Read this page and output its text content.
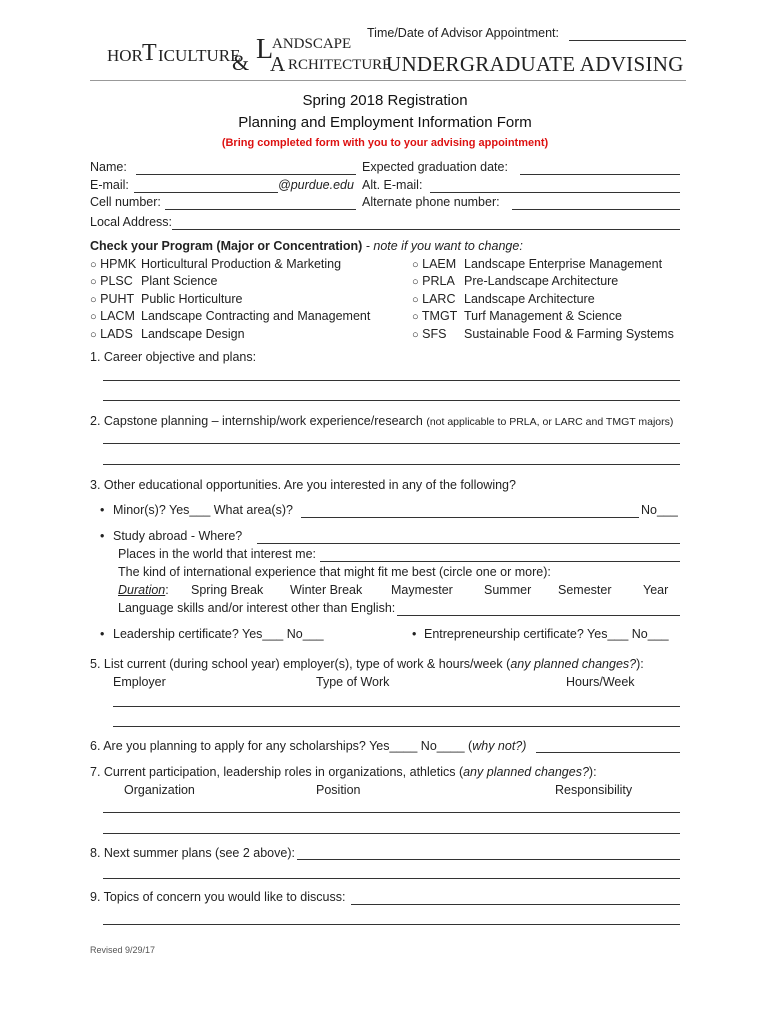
Time/Date of Advisor Appointment:
HOR T ICULTURE
& L
ANDSCAPE
A RCHITECTURE
UNDERGRADUATE ADVISING
Spring 2018 Registration
Planning and Employment Information Form
(Bring completed form with you to your advising appointment)
Name:	Expected graduation date:
E-mail:	@purdue.edu Alt. E-mail:
Cell number:	Alternate phone number:
Local Address:
Check your Program (Major or Concentration) - note if you want to change:
○ HPMK Horticultural Production & Marketing
○ PLSC Plant Science
○ PUHT Public Horticulture
○ LACM Landscape Contracting and Management
○ LADS Landscape Design
○ LAEM Landscape Enterprise Management
○ PRLA Pre-Landscape Architecture
○ LARC Landscape Architecture
○ TMGT Turf Management & Science
○ SFS Sustainable Food & Farming Systems
1. Career objective and plans:
2. Capstone planning – internship/work experience/research (not applicable to PRLA, or LARC and TMGT majors)
3. Other educational opportunities. Are you interested in any of the following?
• Minor(s)? Yes___ What area(s)?	No___
• Study abroad - Where?
Places in the world that interest me:
The kind of international experience that might fit me best (circle one or more):
Duration: Spring Break Winter Break Maymester Summer Semester	Year
Language skills and/or interest other than English:
• Leadership certificate? Yes___ No___	• Entrepreneurship certificate? Yes___ No___
5. List current (during school year) employer(s), type of work & hours/week (any planned changes?):
Employer	Type of Work	Hours/Week
6. Are you planning to apply for any scholarships? Yes____ No____ (why not?)
7. Current participation, leadership roles in organizations, athletics (any planned changes?):
Organization	Position	Responsibility
8. Next summer plans (see 2 above):
9. Topics of concern you would like to discuss:
Revised 9/29/17
